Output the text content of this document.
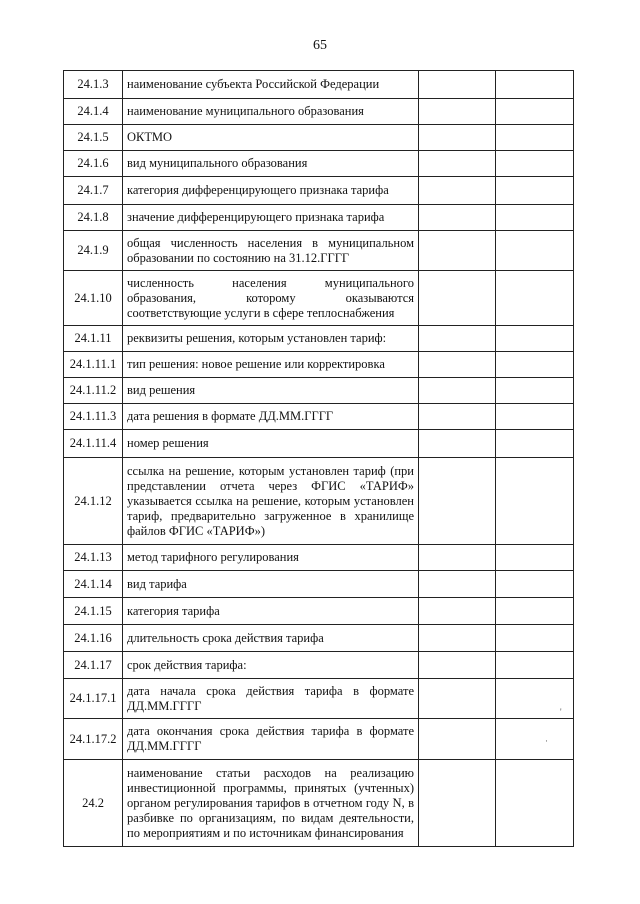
65
24.1.3	наименование субъекта Российской Федерации		
24.1.4	наименование муниципального образования		
24.1.5	ОКТМО		
24.1.6	вид муниципального образования		
24.1.7	категория дифференцирующего признака тарифа		
24.1.8	значение дифференцирующего признака тарифа		
24.1.9	общая численность населения в муниципальном образовании по состоянию на 31.12.ГГГГ		
24.1.10	численность населения муниципального образования, которому оказываются соответствующие услуги в сфере теплоснабжения		
24.1.11	реквизиты решения, которым установлен тариф:		
24.1.11.1	тип решения: новое решение или корректировка		
24.1.11.2	вид решения		
24.1.11.3	дата решения в формате ДД.ММ.ГГГГ		
24.1.11.4	номер решения		
24.1.12	ссылка на решение, которым установлен тариф (при представлении отчета через ФГИС «ТАРИФ» указывается ссылка на решение, которым установлен тариф, предварительно загруженное в хранилище файлов ФГИС «ТАРИФ»)		
24.1.13	метод тарифного регулирования		
24.1.14	вид тарифа		
24.1.15	категория тарифа		
24.1.16	длительность срока действия тарифа		
24.1.17	срок действия тарифа:		
24.1.17.1	дата начала срока действия тарифа в формате ДД.ММ.ГГГГ		
24.1.17.2	дата окончания срока действия тарифа в формате ДД.ММ.ГГГГ		
24.2	наименование статьи расходов на реализацию инвестиционной программы, принятых (учтенных) органом регулирования тарифов в отчетном году N, в разбивке по организациям, по видам деятельности, по мероприятиям и по источникам финансирования		
'
·
